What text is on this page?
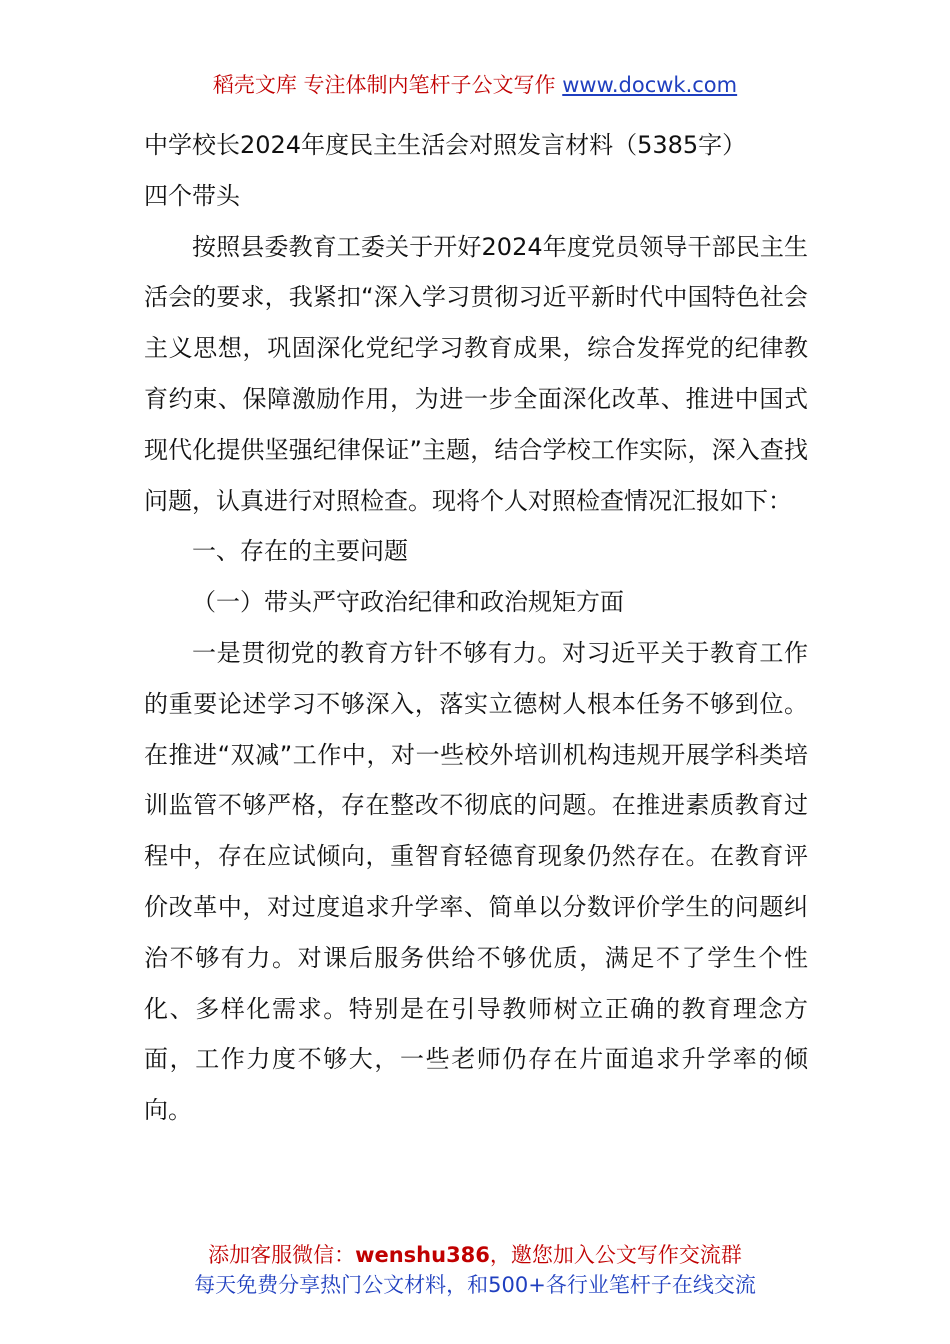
稻壳文库 专注体制内笔杆子公文写作 www.docwk.com

中学校长2024年度民主生活会对照发言材料（5385字）

四个带头

按照县委教育工委关于开好2024年度党员领导干部民主生活会的要求，我紧扣“深入学习贯彻习近平新时代中国特色社会主义思想，巩固深化党纪学习教育成果，综合发挥党的纪律教育约束、保障激励作用，为进一步全面深化改革、推进中国式现代化提供坚强纪律保证”主题，结合学校工作实际，深入查找问题，认真进行对照检查。现将个人对照检查情况汇报如下：

一、存在的主要问题

（一）带头严守政治纪律和政治规矩方面

一是贯彻党的教育方针不够有力。对习近平关于教育工作的重要论述学习不够深入，落实立德树人根本任务不够到位。在推进“双减”工作中，对一些校外培训机构违规开展学科类培训监管不够严格，存在整改不彻底的问题。在推进素质教育过程中，存在应试倾向，重智育轻德育现象仍然存在。在教育评价改革中，对过度追求升学率、简单以分数评价学生的问题纠治不够有力。对课后服务供给不够优质，满足不了学生个性化、多样化需求。特别是在引导教师树立正确的教育理念方面，工作力度不够大，一些老师仍存在片面追求升学率的倾向。

添加客服微信：wenshu386，邀您加入公文写作交流群
每天免费分享热门公文材料，和500+各行业笔杆子在线交流
